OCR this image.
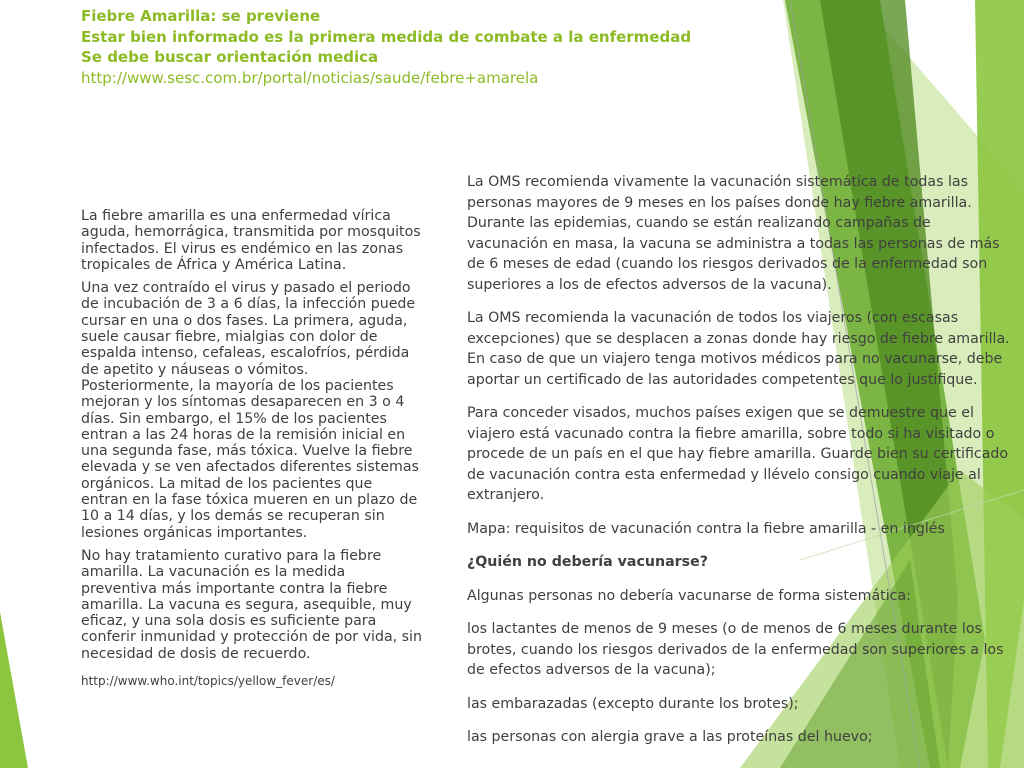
Fiebre Amarilla: se previene
Estar bien informado es la primera medida de combate a la enfermedad
Se debe buscar orientación medica
http://www.sesc.com.br/portal/noticias/saude/febre+amarela

La fiebre amarilla es una enfermedad vírica aguda, hemorrágica, transmitida por mosquitos infectados. El virus es endémico en las zonas tropicales de África y América Latina.

Una vez contraído el virus y pasado el periodo de incubación de 3 a 6 días, la infección puede cursar en una o dos fases. La primera, aguda, suele causar fiebre, mialgias con dolor de espalda intenso, cefaleas, escalofríos, pérdida de apetito y náuseas o vómitos. Posteriormente, la mayoría de los pacientes mejoran y los síntomas desaparecen en 3 o 4 días. Sin embargo, el 15% de los pacientes entran a las 24 horas de la remisión inicial en una segunda fase, más tóxica. Vuelve la fiebre elevada y se ven afectados diferentes sistemas orgánicos. La mitad de los pacientes que entran en la fase tóxica mueren en un plazo de 10 a 14 días, y los demás se recuperan sin lesiones orgánicas importantes.

No hay tratamiento curativo para la fiebre amarilla. La vacunación es la medida preventiva más importante contra la fiebre amarilla. La vacuna es segura, asequible, muy eficaz, y una sola dosis es suficiente para conferir inmunidad y protección de por vida, sin necesidad de dosis de recuerdo.

http://www.who.int/topics/yellow_fever/es/

La OMS recomienda vivamente la vacunación sistemática de todas las personas mayores de 9 meses en los países donde hay fiebre amarilla. Durante las epidemias, cuando se están realizando campañas de vacunación en masa, la vacuna se administra a todas las personas de más de 6 meses de edad (cuando los riesgos derivados de la enfermedad son superiores a los de efectos adversos de la vacuna).

La OMS recomienda la vacunación de todos los viajeros (con escasas excepciones) que se desplacen a zonas donde hay riesgo de fiebre amarilla. En caso de que un viajero tenga motivos médicos para no vacunarse, debe aportar un certificado de las autoridades competentes que lo justifique.

Para conceder visados, muchos países exigen que se demuestre que el viajero está vacunado contra la fiebre amarilla, sobre todo si ha visitado o procede de un país en el que hay fiebre amarilla. Guarde bien su certificado de vacunación contra esta enfermedad y llévelo consigo cuando viaje al extranjero.

Mapa: requisitos de vacunación contra la fiebre amarilla - en inglés

¿Quién no debería vacunarse?

Algunas personas no debería vacunarse de forma sistemática:

los lactantes de menos de 9 meses (o de menos de 6 meses durante los brotes, cuando los riesgos derivados de la enfermedad son superiores a los de efectos adversos de la vacuna);

las embarazadas (excepto durante los brotes);

las personas con alergia grave a las proteínas del huevo;
